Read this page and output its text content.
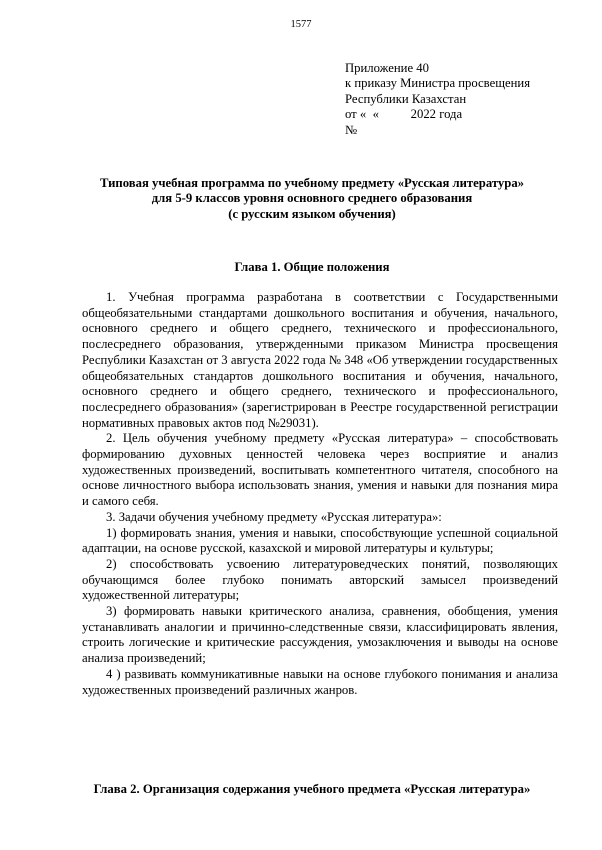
1577
Приложение 40
к приказу Министра просвещения
Республики Казахстан
от «  «          2022 года
№
Типовая учебная программа по учебному предмету «Русская литература»
для 5-9 классов уровня основного среднего образования
(с русским языком обучения)
Глава 1. Общие положения

1. Учебная программа разработана в соответствии с Государственными общеобязательными стандартами дошкольного воспитания и обучения, начального, основного среднего и общего среднего, технического и профессионального, послесреднего образования, утвержденными приказом Министра просвещения Республики Казахстан от 3 августа 2022 года № 348 «Об утверждении государственных общеобязательных стандартов дошкольного воспитания и обучения, начального, основного среднего и общего среднего, технического и профессионального, послесреднего образования» (зарегистрирован в Реестре государственной регистрации нормативных правовых актов под №29031).

2. Цель обучения учебному предмету «Русская литература» – способствовать формированию духовных ценностей человека через восприятие и анализ художественных произведений, воспитывать компетентного читателя, способного на основе личностного выбора использовать знания, умения и навыки для познания мира и самого себя.

3. Задачи обучения учебному предмету «Русская литература»:

1) формировать знания, умения и навыки, способствующие успешной социальной адаптации, на основе русской, казахской и мировой литературы и культуры;

2) способствовать усвоению литературоведческих понятий, позволяющих обучающимся более глубоко понимать авторский замысел произведений художественной литературы;

3) формировать навыки критического анализа, сравнения, обобщения, умения устанавливать аналогии и причинно-следственные связи, классифицировать явления, строить логические и критические рассуждения, умозаключения и выводы на основе анализа произведений;

4 ) развивать коммуникативные навыки на основе глубокого понимания и анализа художественных произведений различных жанров.

Глава 2. Организация содержания учебного предмета «Русская литература»
